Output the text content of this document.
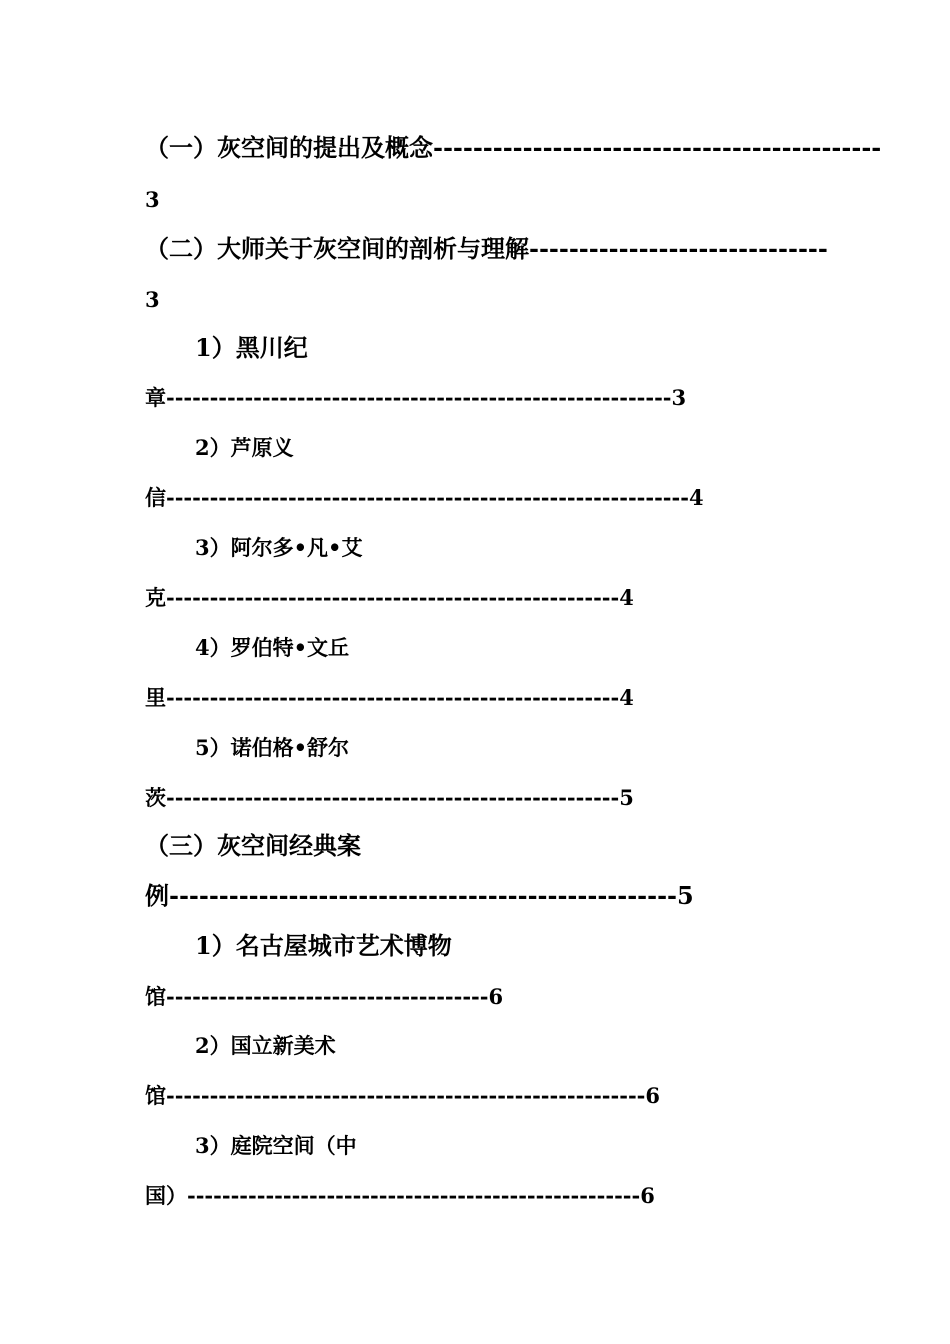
（一）灰空间的提出及概念---------------------------------------------
3
（二）大师关于灰空间的剖析与理解------------------------------
3
1）黑川纪
章----------------------------------------------------------3
2）芦原义
信------------------------------------------------------------4
3）阿尔多•凡•艾
克----------------------------------------------------4
4）罗伯特•文丘
里----------------------------------------------------4
5）诺伯格•舒尔
茨----------------------------------------------------5
（三）灰空间经典案
例---------------------------------------------------5
1）名古屋城市艺术博物
馆-------------------------------------6
2）国立新美术
馆-------------------------------------------------------6
3）庭院空间（中
国）----------------------------------------------------6
